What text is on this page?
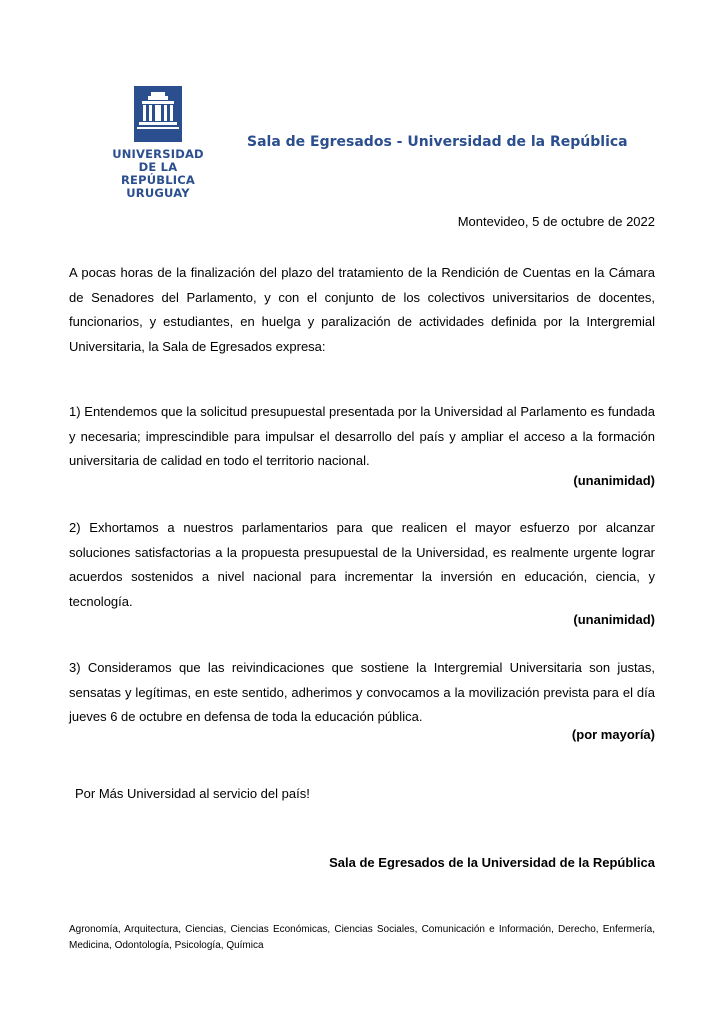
UNIVERSIDAD
DE LA REPÚBLICA
URUGUAY
Sala de Egresados - Universidad de la República
Montevideo, 5 de octubre de 2022

A pocas horas de la finalización del plazo del tratamiento de la Rendición de Cuentas en la Cámara de Senadores del Parlamento, y con el conjunto de los colectivos universitarios de docentes, funcionarios, y estudiantes, en huelga y paralización de actividades definida por la Intergremial Universitaria, la Sala de Egresados expresa:

1) Entendemos que la solicitud presupuestal presentada por la Universidad al Parlamento es fundada y necesaria; imprescindible para impulsar el desarrollo del país y ampliar el acceso a la formación universitaria de calidad en todo el territorio nacional.

(unanimidad)

2) Exhortamos a nuestros parlamentarios para que realicen el mayor esfuerzo por alcanzar soluciones satisfactorias a la propuesta presupuestal de la Universidad, es realmente urgente lograr acuerdos sostenidos a nivel nacional para incrementar la inversión en educación, ciencia, y tecnología.

(unanimidad)

3) Consideramos que las reivindicaciones que sostiene la Intergremial Universitaria son justas, sensatas y legítimas, en este sentido, adherimos y convocamos a la movilización prevista para el día jueves 6 de octubre en defensa de toda la educación pública.

(por mayoría)
Por Más Universidad al servicio del país!
Sala de Egresados de la Universidad de la República
Agronomía, Arquitectura, Ciencias, Ciencias Económicas, Ciencias Sociales, Comunicación e Información, Derecho, Enfermería, Medicina, Odontología, Psicología, Química
